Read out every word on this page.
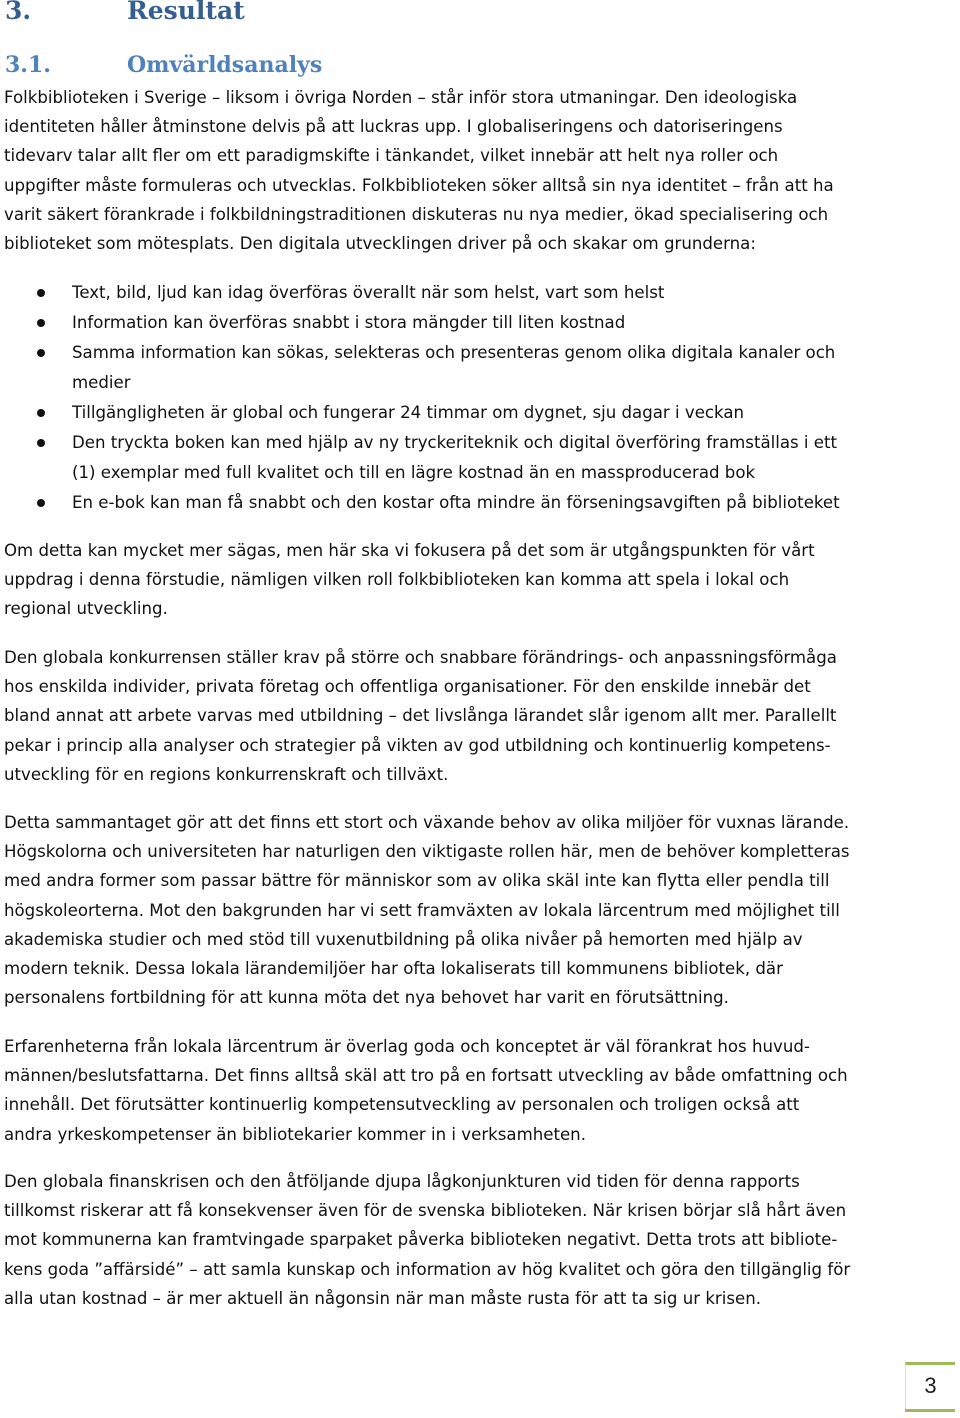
3.	Resultat
3.1.	Omvärldsanalys

Folkbiblioteken i Sverige – liksom i övriga Norden – står inför stora utmaningar. Den ideologiska
identiteten håller åtminstone delvis på att luckras upp. I globaliseringens och datoriseringens
tidevarv talar allt fler om ett paradigmskifte i tänkandet, vilket innebär att helt nya roller och
uppgifter måste formuleras och utvecklas. Folkbiblioteken söker alltså sin nya identitet – från att ha
varit säkert förankrade i folkbildningstraditionen diskuteras nu nya medier, ökad specialisering och
biblioteket som mötesplats. Den digitala utvecklingen driver på och skakar om grunderna:

Text, bild, ljud kan idag överföras överallt när som helst, vart som helst
Information kan överföras snabbt i stora mängder till liten kostnad
Samma information kan sökas, selekteras och presenteras genom olika digitala kanaler och
medier
Tillgängligheten är global och fungerar 24 timmar om dygnet, sju dagar i veckan
Den tryckta boken kan med hjälp av ny tryckeriteknik och digital överföring framställas i ett
(1) exemplar med full kvalitet och till en lägre kostnad än en massproducerad bok
En e-bok kan man få snabbt och den kostar ofta mindre än förseningsavgiften på biblioteket

Om detta kan mycket mer sägas, men här ska vi fokusera på det som är utgångspunkten för vårt
uppdrag i denna förstudie, nämligen vilken roll folkbiblioteken kan komma att spela i lokal och
regional utveckling.

Den globala konkurrensen ställer krav på större och snabbare förändrings- och anpassningsförmåga
hos enskilda individer, privata företag och offentliga organisationer. För den enskilde innebär det
bland annat att arbete varvas med utbildning – det livslånga lärandet slår igenom allt mer. Parallellt
pekar i princip alla analyser och strategier på vikten av god utbildning och kontinuerlig kompetens-
utveckling för en regions konkurrenskraft och tillväxt.

Detta sammantaget gör att det finns ett stort och växande behov av olika miljöer för vuxnas lärande.
Högskolorna och universiteten har naturligen den viktigaste rollen här, men de behöver kompletteras
med andra former som passar bättre för människor som av olika skäl inte kan flytta eller pendla till
högskoleorterna. Mot den bakgrunden har vi sett framväxten av lokala lärcentrum med möjlighet till
akademiska studier och med stöd till vuxenutbildning på olika nivåer på hemorten med hjälp av
modern teknik. Dessa lokala lärandemiljöer har ofta lokaliserats till kommunens bibliotek, där
personalens fortbildning för att kunna möta det nya behovet har varit en förutsättning.

Erfarenheterna från lokala lärcentrum är överlag goda och konceptet är väl förankrat hos huvud-
männen/beslutsfattarna. Det finns alltså skäl att tro på en fortsatt utveckling av både omfattning och
innehåll. Det förutsätter kontinuerlig kompetensutveckling av personalen och troligen också att
andra yrkeskompetenser än bibliotekarier kommer in i verksamheten.

Den globala finanskrisen och den åtföljande djupa lågkonjunkturen vid tiden för denna rapports
tillkomst riskerar att få konsekvenser även för de svenska biblioteken. När krisen börjar slå hårt även
mot kommunerna kan framtvingade sparpaket påverka biblioteken negativt. Detta trots att bibliote-
kens goda ”affärsidé” – att samla kunskap och information av hög kvalitet och göra den tillgänglig för
alla utan kostnad – är mer aktuell än någonsin när man måste rusta för att ta sig ur krisen.

3
